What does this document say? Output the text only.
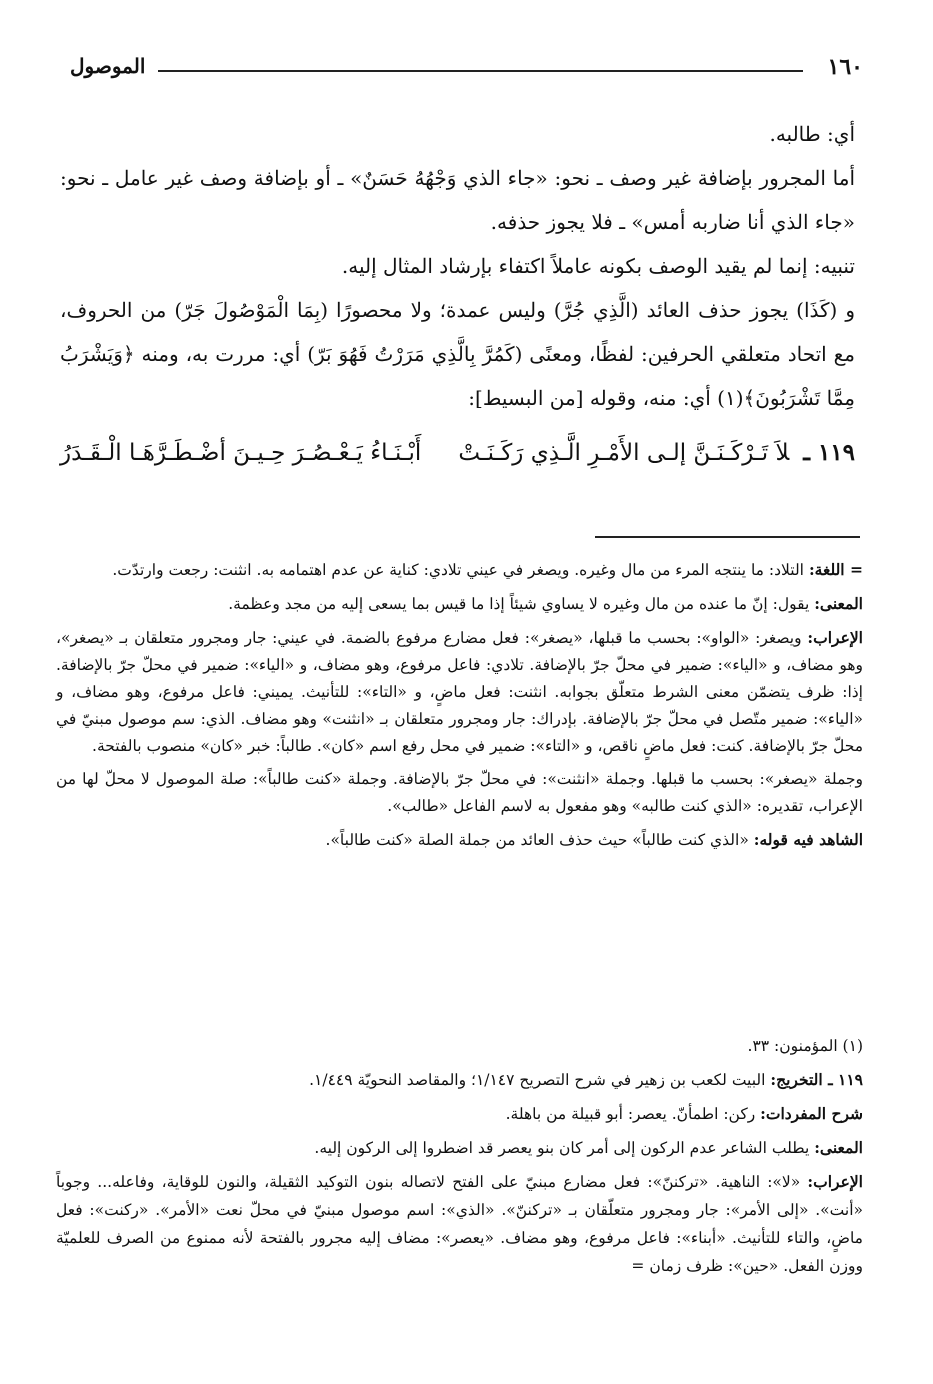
١٦٠
الموصول

أي: طالبه.

أما المجرور بإضافة غير وصف ـ نحو: «جاء الذي وَجْهُهُ حَسَنٌ» ـ أو بإضافة وصف غير عامل ـ نحو: «جاء الذي أنا ضاربه أمس» ـ فلا يجوز حذفه.

تنبيه: إنما لم يقيد الوصف بكونه عاملاً اكتفاء بإرشاد المثال إليه.

و (كَذَا) يجوز حذف العائد (الَّذِي جُرَّ) وليس عمدة؛ ولا محصورًا (بِمَا الْمَوْصُولَ جَرّ) من الحروف، مع اتحاد متعلقي الحرفين: لفظًا، ومعنًى (كَمُرَّ بِالَّذِي مَرَرْتُ فَهُوَ بَرّ) أي: مررت به، ومنه ﴿وَيَشْرَبُ مِمَّا تَشْرَبُونَ﴾(١) أي: منه، وقوله [من البسيط]:

١١٩ ـلاَ تَـرْكَـنَـنَّ إلـى الأَمْـرِ الَّـذِي رَكَـنَـتْ
أَبْـنَـاءُ يَـعْـصُـرَ حِـيـنَ أضْـطَـرَّهَـا الْـقَـدَرُ

= اللغة: التلاد: ما ينتجه المرء من مال وغيره. ويصغر في عيني تلادي: كناية عن عدم اهتمامه به. انثنت: رجعت وارتدّت.

المعنى: يقول: إنّ ما عنده من مال وغيره لا يساوي شيئاً إذا ما قيس بما يسعى إليه من مجد وعظمة.

الإعراب: ويصغر: «الواو»: بحسب ما قبلها، «يصغر»: فعل مضارع مرفوع بالضمة. في عيني: جار ومجرور متعلقان بـ «يصغر»، وهو مضاف، و «الياء»: ضمير في محلّ جرّ بالإضافة. تلادي: فاعل مرفوع، وهو مضاف، و «الياء»: ضمير في محلّ جرّ بالإضافة. إذا: ظرف يتضمّن معنى الشرط متعلّق بجوابه. انثنت: فعل ماضٍ، و «التاء»: للتأنيث. يميني: فاعل مرفوع، وهو مضاف، و «الياء»: ضمير متّصل في محلّ جرّ بالإضافة. بإدراك: جار ومجرور متعلقان بـ «انثنت» وهو مضاف. الذي: سم موصول مبنيّ في محلّ جرّ بالإضافة. كنت: فعل ماضٍ ناقص، و «التاء»: ضمير في محل رفع اسم «كان». طالباً: خبر «كان» منصوب بالفتحة.

وجملة «يصغر»: بحسب ما قبلها. وجملة «انثنت»: في محلّ جرّ بالإضافة. وجملة «كنت طالباً»: صلة الموصول لا محلّ لها من الإعراب، تقديره: «الذي كنت طالبه» وهو مفعول به لاسم الفاعل «طالب».

الشاهد فيه قوله: «الذي كنت طالباً» حيث حذف العائد من جملة الصلة «كنت طالباً».

(١) المؤمنون: ٣٣.

١١٩ ـ التخريج: البيت لكعب بن زهير في شرح التصريح ١/١٤٧؛ والمقاصد النحويّة ١/٤٤٩.

شرح المفردات: ركن: اطمأنّ. يعصر: أبو قبيلة من باهلة.

المعنى: يطلب الشاعر عدم الركون إلى أمر كان بنو يعصر قد اضطروا إلى الركون إليه.

الإعراب: «لا»: الناهية. «تركننّ»: فعل مضارع مبنيّ على الفتح لاتصاله بنون التوكيد الثقيلة، والنون للوقاية، وفاعله... وجوباً «أنت». «إلى الأمر»: جار ومجرور متعلّقان بـ «تركننّ». «الذي»: اسم موصول مبنيّ في محلّ نعت «الأمر». «ركنت»: فعل ماضٍ، والتاء للتأنيث. «أبناء»: فاعل مرفوع، وهو مضاف. «يعصر»: مضاف إليه مجرور بالفتحة لأنه ممنوع من الصرف للعلميّة ووزن الفعل. «حين»: ظرف زمان =
